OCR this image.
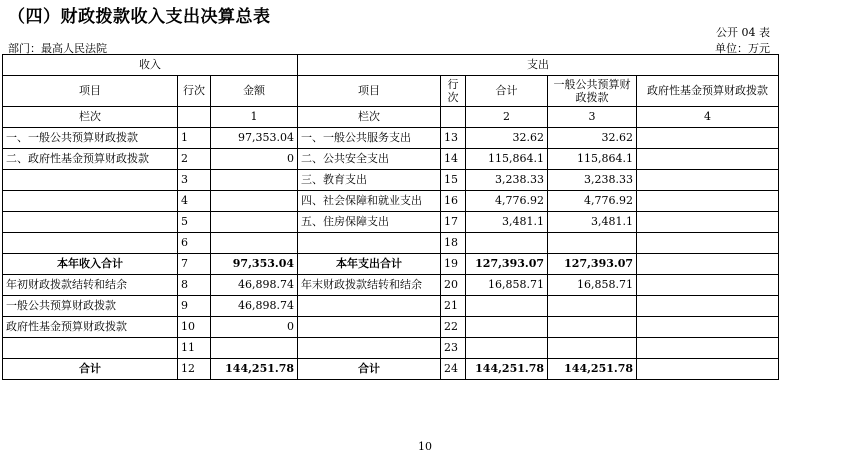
（四）财政拨款收入支出决算总表
公开 04 表
部门：最高人民法院	单位：万元
收入			支出				
项目	行次	金额	项目	行次	合计	一般公共预算财政拨款	政府性基金预算财政拨款
栏次		1	栏次		2	3	4
一、一般公共预算财政拨款	1	97,353.04	一、一般公共服务支出	13	32.62	32.62	
二、政府性基金预算财政拨款	2	0	二、公共安全支出	14	115,864.1	115,864.1	
	3		三、教育支出	15	3,238.33	3,238.33	
	4		四、社会保障和就业支出	16	4,776.92	4,776.92	
	5		五、住房保障支出	17	3,481.1	3,481.1	
	6			18			
本年收入合计	7	97,353.04	本年支出合计	19	127,393.07	127,393.07	
年初财政拨款结转和结余	8	46,898.74	年末财政拨款结转和结余	20	16,858.71	16,858.71	
一般公共预算财政拨款	9	46,898.74		21			
政府性基金预算财政拨款	10	0		22			
	11			23			
合计	12	144,251.78	合计	24	144,251.78	144,251.78	
10
